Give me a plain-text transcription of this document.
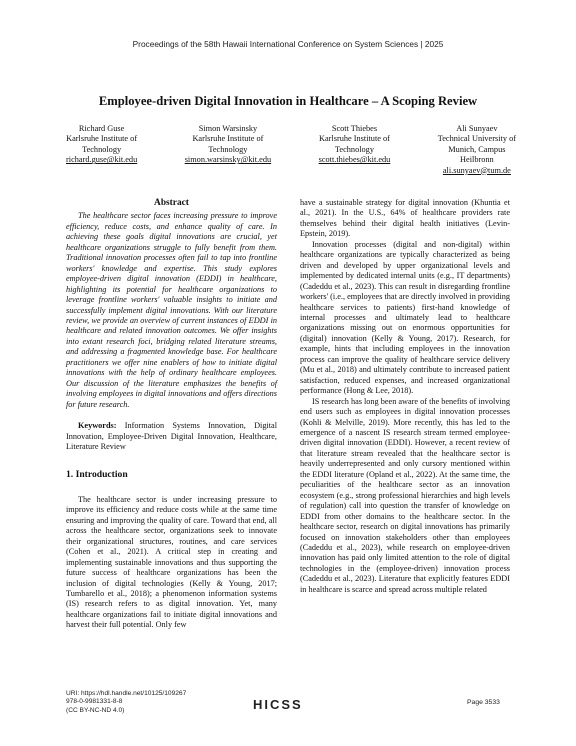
Proceedings of the 58th Hawaii International Conference on System Sciences | 2025
Employee-driven Digital Innovation in Healthcare – A Scoping Review
Richard Guse
Karlsruhe Institute of
Technology
richard.guse@kit.edu
Simon Warsinsky
Karlsruhe Institute of
Technology
simon.warsinsky@kit.edu
Scott Thiebes
Karlsruhe Institute of
Technology
scott.thiebes@kit.edu
Ali Sunyaev
Technical University of
Munich, Campus
Heilbronn
ali.sunyaev@tum.de
Abstract

The healthcare sector faces increasing pressure to improve efficiency, reduce costs, and enhance quality of care. In achieving these goals digital innovations are crucial, yet healthcare organizations struggle to fully benefit from them. Traditional innovation processes often fail to tap into frontline workers' knowledge and expertise. This study explores employee-driven digital innovation (EDDI) in healthcare, highlighting its potential for healthcare organizations to leverage frontline workers' valuable insights to initiate and successfully implement digital innovations. With our literature review, we provide an overview of current instances of EDDI in healthcare and related innovation outcomes. We offer insights into extant research foci, bridging related literature streams, and addressing a fragmented knowledge base. For healthcare practitioners we offer nine enablers of how to initiate digital innovations with the help of ordinary healthcare employees. Our discussion of the literature emphasizes the benefits of involving employees in digital innovations and offers directions for future research.

Keywords: Information Systems Innovation, Digital Innovation, Employee-Driven Digital Innovation, Healthcare, Literature Review

1. Introduction

The healthcare sector is under increasing pressure to improve its efficiency and reduce costs while at the same time ensuring and improving the quality of care. Toward that end, all across the healthcare sector, organizations seek to innovate their organizational structures, routines, and care services (Cohen et al., 2021). A critical step in creating and implementing sustainable innovations and thus supporting the future success of healthcare organizations has been the inclusion of digital technologies (Kelly & Young, 2017; Tumbarello et al., 2018); a phenomenon information systems (IS) research refers to as digital innovation. Yet, many healthcare organizations fail to initiate digital innovations and harvest their full potential. Only few

have a sustainable strategy for digital innovation (Khuntia et al., 2021). In the U.S., 64% of healthcare providers rate themselves behind their digital health initiatives (Levin-Epstein, 2019).

Innovation processes (digital and non-digital) within healthcare organizations are typically characterized as being driven and developed by upper organizational levels and implemented by dedicated internal units (e.g., IT departments) (Cadeddu et al., 2023). This can result in disregarding frontline workers' (i.e., employees that are directly involved in providing healthcare services to patients) first-hand knowledge of internal processes and ultimately lead to healthcare organizations missing out on enormous opportunities for (digital) innovation (Kelly & Young, 2017). Research, for example, hints that including employees in the innovation process can improve the quality of healthcare service delivery (Mu et al., 2018) and ultimately contribute to increased patient satisfaction, reduced expenses, and increased organizational performance (Hong & Lee, 2018).

IS research has long been aware of the benefits of involving end users such as employees in digital innovation processes (Kohli & Melville, 2019). More recently, this has led to the emergence of a nascent IS research stream termed employee-driven digital innovation (EDDI). However, a recent review of that literature stream revealed that the healthcare sector is heavily underrepresented and only cursory mentioned within the EDDI literature (Opland et al., 2022). At the same time, the peculiarities of the healthcare sector as an innovation ecosystem (e.g., strong professional hierarchies and high levels of regulation) call into question the transfer of knowledge on EDDI from other domains to the healthcare sector. In the healthcare sector, research on digital innovations has primarily focused on innovation stakeholders other than employees (Cadeddu et al., 2023), while research on employee-driven innovation has paid only limited attention to the role of digital technologies in the (employee-driven) innovation process (Cadeddu et al., 2023). Literature that explicitly features EDDI in healthcare is scarce and spread across multiple related

URI: https://hdl.handle.net/10125/109267
978-0-9981331-8-8
(CC BY-NC-ND 4.0)	HICSS	Page 3533
